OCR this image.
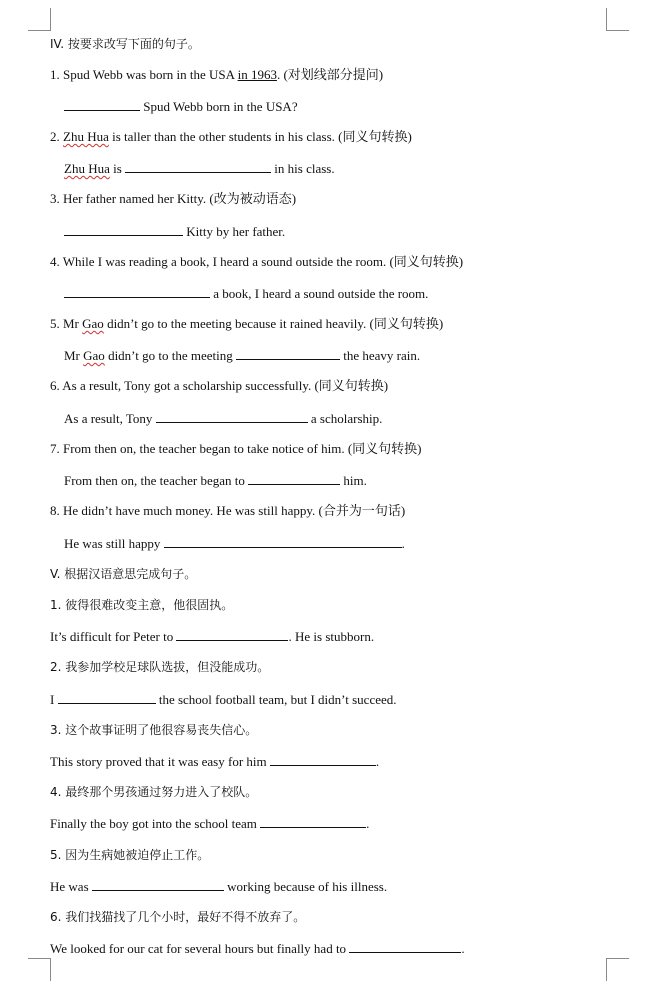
IV. 按要求改写下面的句子。
1. Spud Webb was born in the USA in 1963. (对划线部分提问)
Spud Webb born in the USA?
2. Zhu Hua is taller than the other students in his class. (同义句转换)
Zhu Hua is	in his class.
3. Her father named her Kitty. (改为被动语态)
Kitty by her father.
4. While I was reading a book, I heard a sound outside the room. (同义句转换)
a book, I heard a sound outside the room.
5. Mr Gao didn’t go to the meeting because it rained heavily. (同义句转换)
Mr Gao didn’t go to the meeting	the heavy rain.
6. As a result, Tony got a scholarship successfully. (同义句转换)
As a result, Tony	a scholarship.
7. From then on, the teacher began to take notice of him. (同义句转换)
From then on, the teacher began to	him.
8. He didn’t have much money. He was still happy. (合并为一句话)
He was still happy	.
V. 根据汉语意思完成句子。
1. 彼得很难改变主意，他很固执。
It’s difficult for Peter to	. He is stubborn.
2. 我参加学校足球队选拔，但没能成功。
I	the school football team, but I didn’t succeed.
3. 这个故事证明了他很容易丧失信心。
This story proved that it was easy for him	.
4. 最终那个男孩通过努力进入了校队。
Finally the boy got into the school team	.
5. 因为生病她被迫停止工作。
He was	working because of his illness.
6. 我们找猫找了几个小时，最好不得不放弃了。
We looked for our cat for several hours but finally had to	.
